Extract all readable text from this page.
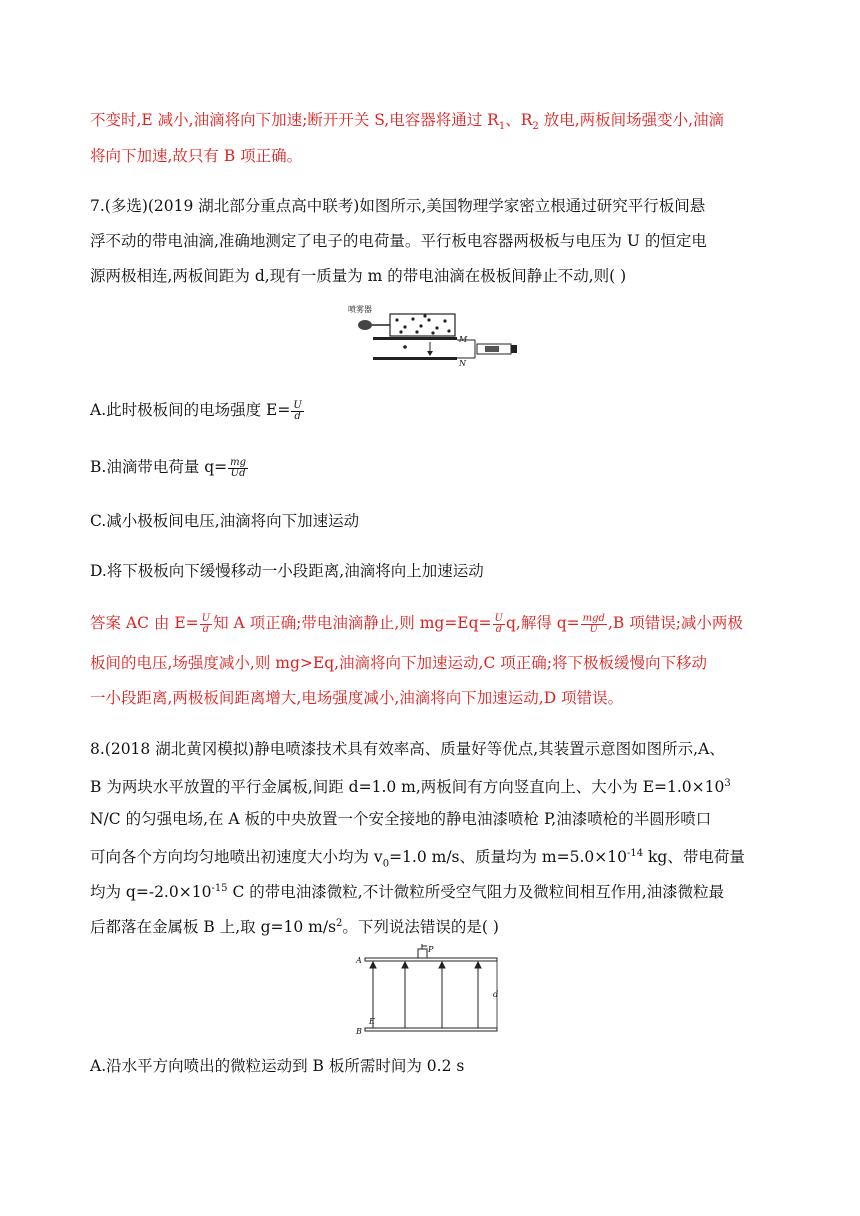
不变时,E 减小,油滴将向下加速;断开开关 S,电容器将通过 $R_1$、$R_2$ 放电,两板间场强变小,油滴
将向下加速,故只有 B 项正确。
7.(多选)(2019 湖北部分重点高中联考)如图所示,美国物理学家密立根通过研究平行板间悬
浮不动的带电油滴,准确地测定了电子的电荷量。平行板电容器两极板与电压为 U 的恒定电
源两极相连,两板间距为 d,现有一质量为 m 的带电油滴在极板间静止不动,则( )
喷雾器
M
N
A.此时极板间的电场强度 $E= \frac{U}{d}$
B.油滴带电荷量 $q= \frac{mg}{Ud}$
C.减小极板间电压,油滴将向下加速运动
D.将下极板向下缓慢移动一小段距离,油滴将向上加速运动
答案 AC 由 $E= \frac{U}{d}$ 知 A 项正确;带电油滴静止,则 $mg=Eq= \frac{U}{d} q$,解得 $q= \frac{\text{mgd}}{U} ,B$ 项错误;减小两极
板间的电压,场强度减小,则 mg>Eq,油滴将向下加速运动,C 项正确;将下极板缓慢向下移动
一小段距离,两极板间距离增大,电场强度减小,油滴将向下加速运动,D 项错误。
8.(2018 湖北黄冈模拟)静电喷漆技术具有效率高、质量好等优点,其装置示意图如图所示,A、
B 为两块水平放置的平行金属板,间距 d=1.0 m,两板间有方向竖直向上、大小为 $E=1.0\times 10^3$
N/C 的匀强电场,在 A 板的中央放置一个安全接地的静电油漆喷枪 P,油漆喷枪的半圆形喷口
可向各个方向均匀地喷出初速度大小均为 $v_0=1.0$ m/s、质量均为 $m=5.0\times 10^{-14}$ kg、带电荷量
均为 $q=-2.0\times 10^{-15}$ C 的带电油漆微粒,不计微粒所受空气阻力及微粒间相互作用,油漆微粒最
后都落在金属板 B 上,取 g=10 $m/s^2$。下列说法错误的是( )
A
P
d
E
B
A.沿水平方向喷出的微粒运动到 B 板所需时间为 0.2 s
